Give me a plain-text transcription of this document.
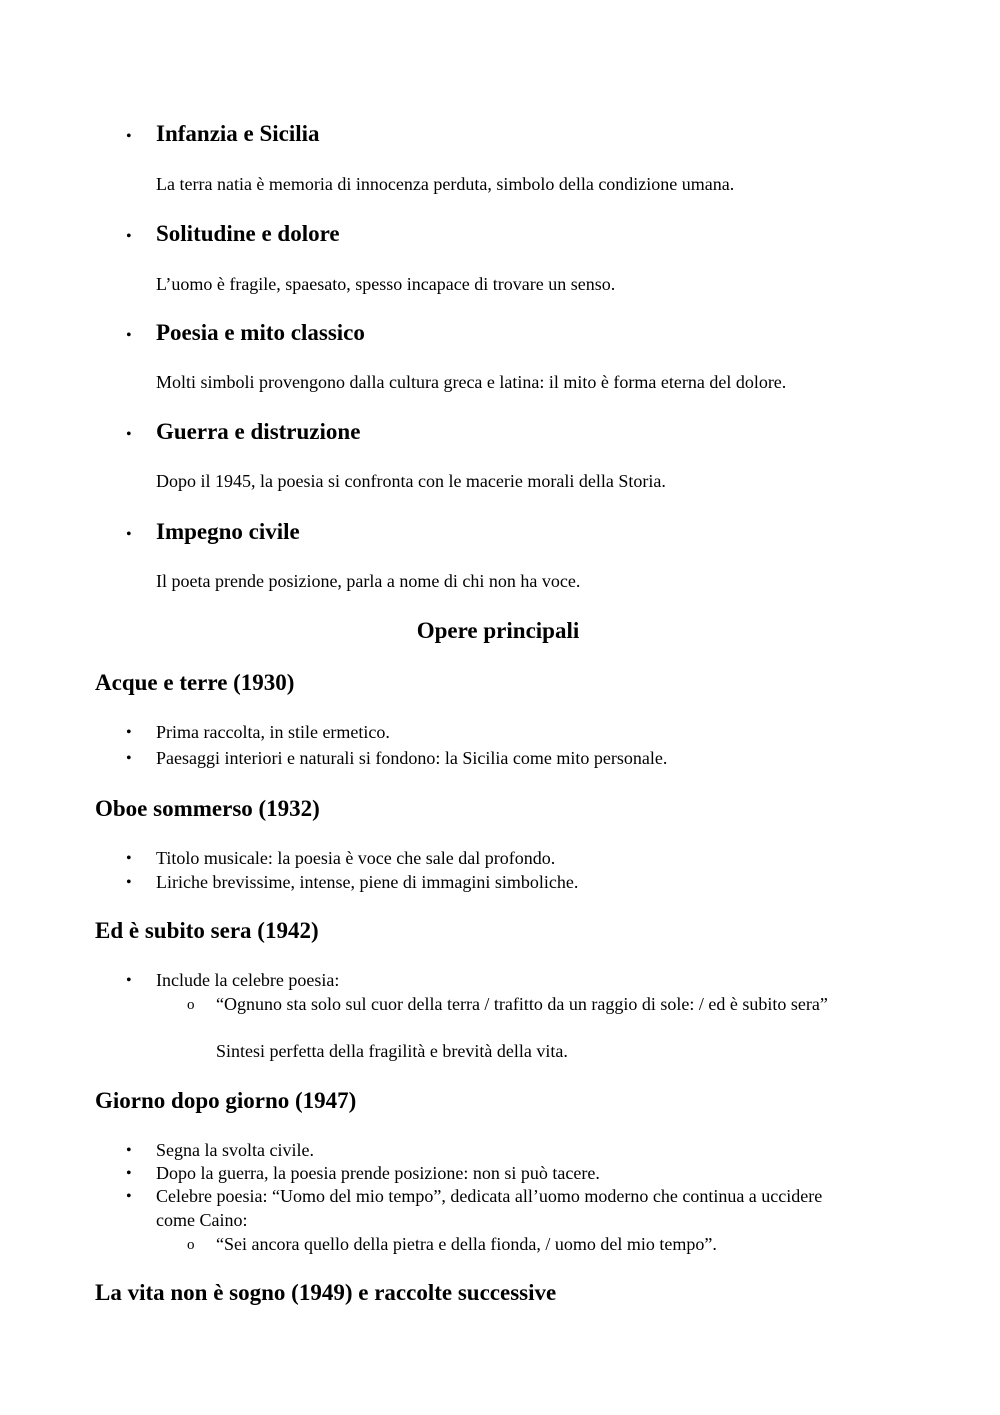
• Infanzia e Sicilia
La terra natia è memoria di innocenza perduta, simbolo della condizione umana.
• Solitudine e dolore
L’uomo è fragile, spaesato, spesso incapace di trovare un senso.
• Poesia e mito classico
Molti simboli provengono dalla cultura greca e latina: il mito è forma eterna del dolore.
• Guerra e distruzione
Dopo il 1945, la poesia si confronta con le macerie morali della Storia.
• Impegno civile
Il poeta prende posizione, parla a nome di chi non ha voce.
Opere principali
Acque e terre (1930)
• Prima raccolta, in stile ermetico.
• Paesaggi interiori e naturali si fondono: la Sicilia come mito personale.
Oboe sommerso (1932)
• Titolo musicale: la poesia è voce che sale dal profondo.
• Liriche brevissime, intense, piene di immagini simboliche.
Ed è subito sera (1942)
• Include la celebre poesia:
o “Ognuno sta solo sul cuor della terra / trafitto da un raggio di sole: / ed è subito sera”
Sintesi perfetta della fragilità e brevità della vita.
Giorno dopo giorno (1947)
• Segna la svolta civile.
• Dopo la guerra, la poesia prende posizione: non si può tacere.
• Celebre poesia: “Uomo del mio tempo”, dedicata all’uomo moderno che continua a uccidere
come Caino:
o “Sei ancora quello della pietra e della fionda, / uomo del mio tempo”.
La vita non è sogno (1949) e raccolte successive
